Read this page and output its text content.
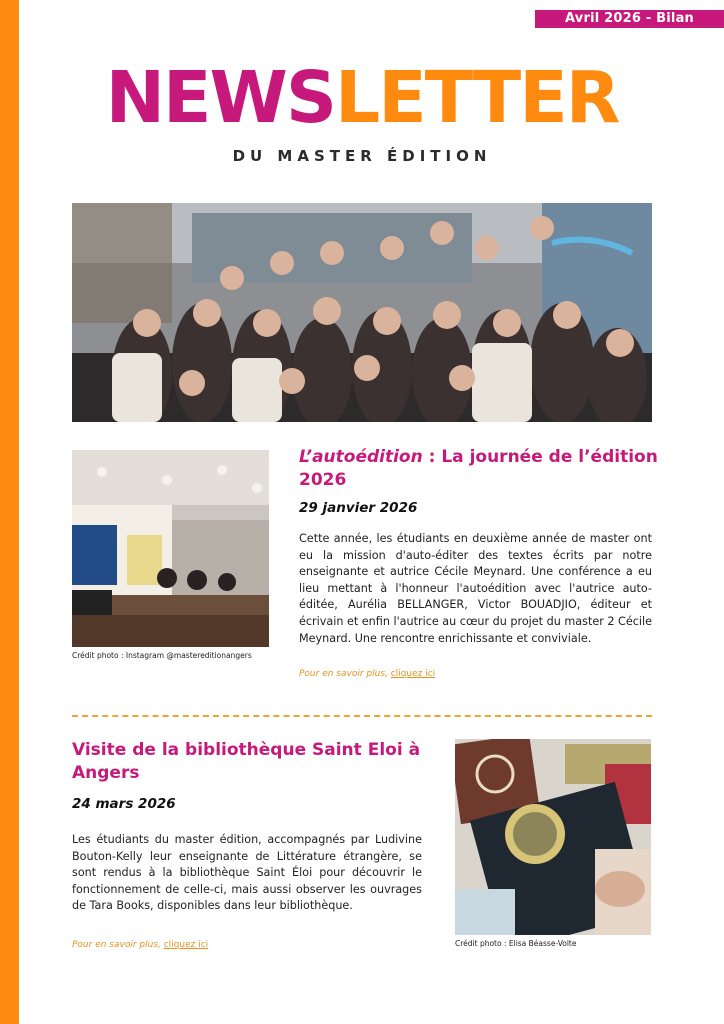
Avril 2026 - Bilan
NEWSLETTER
DU MASTER ÉDITION
Crédit photo : Instagram @mastereditionangers
L’autoédition : La journée de l’édition 2026
29 janvier 2026
Cette année, les étudiants en deuxième année de master ont eu la mission d'auto-éditer des textes écrits par notre enseignante et autrice Cécile Meynard. Une conférence a eu lieu mettant à l'honneur l'autoédition avec l'autrice auto-éditée, Aurélia BELLANGER, Victor BOUADJIO, éditeur et écrivain et enfin l'autrice au cœur du projet du master 2 Cécile Meynard. Une rencontre enrichissante et conviviale.
Pour en savoir plus, cliquez ici
Visite de la bibliothèque Saint Eloi à Angers
24 mars 2026
Les étudiants du master édition, accompagnés par Ludivine Bouton-Kelly leur enseignante de Littérature étrangère, se sont rendus à la bibliothèque Saint Éloi pour découvrir le fonctionnement de celle-ci, mais aussi observer les ouvrages de Tara Books, disponibles dans leur bibliothèque.
Pour en savoir plus, cliquez ici	Crédit photo : Elisa Béasse-Volte
